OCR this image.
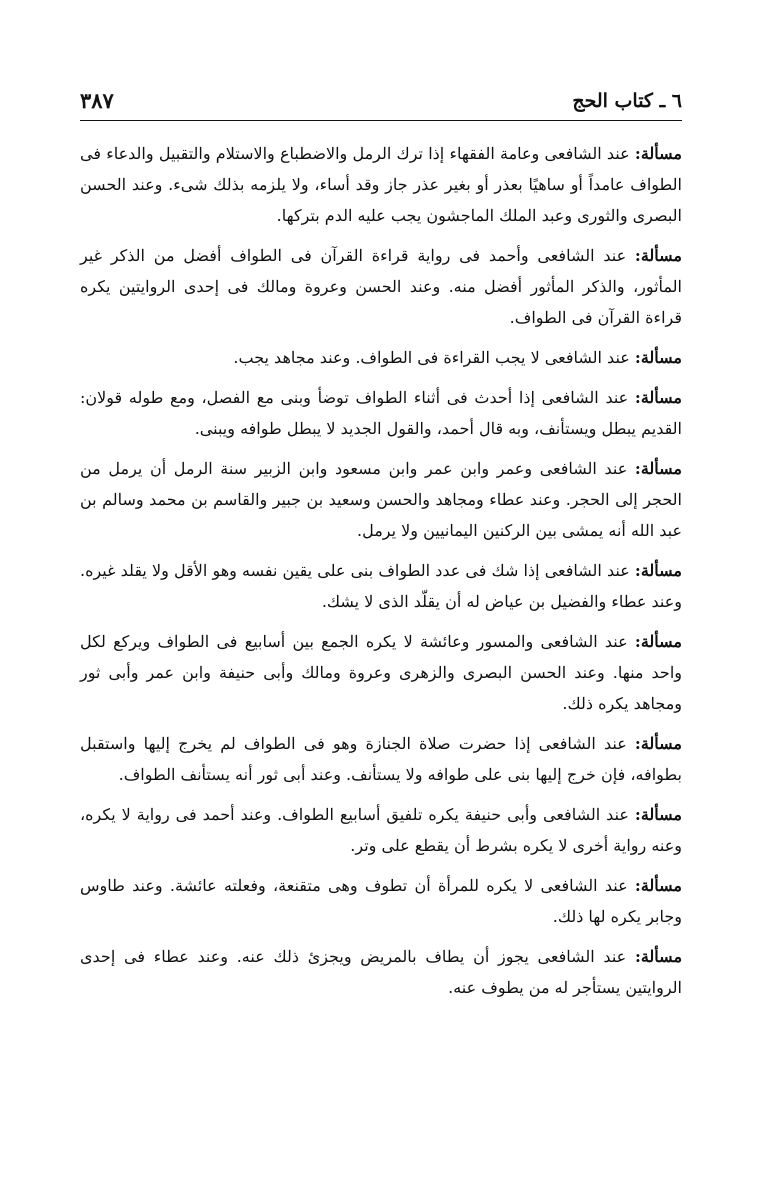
٦ ـ كتاب الحج
٣٨٧

مسألة: عند الشافعى وعامة الفقهاء إذا ترك الرمل والاضطباع والاستلام والتقبيل والدعاء فى الطواف عامداً أو ساهيًا بعذر أو بغير عذر جاز وقد أساء، ولا يلزمه بذلك شىء. وعند الحسن البصرى والثورى وعبد الملك الماجشون يجب عليه الدم بتركها.

مسألة: عند الشافعى وأحمد فى رواية قراءة القرآن فى الطواف أفضل من الذكر غير المأثور، والذكر المأثور أفضل منه. وعند الحسن وعروة ومالك فى إحدى الروايتين يكره قراءة القرآن فى الطواف.

مسألة: عند الشافعى لا يجب القراءة فى الطواف. وعند مجاهد يجب.

مسألة: عند الشافعى إذا أحدث فى أثناء الطواف توضأ وبنى مع الفصل، ومع طوله قولان: القديم يبطل ويستأنف، وبه قال أحمد، والقول الجديد لا يبطل طوافه ويبنى.

مسألة: عند الشافعى وعمر وابن عمر وابن مسعود وابن الزبير سنة الرمل أن يرمل من الحجر إلى الحجر. وعند عطاء ومجاهد والحسن وسعيد بن جبير والقاسم بن محمد وسالم بن عبد الله أنه يمشى بين الركنين اليمانيين ولا يرمل.

مسألة: عند الشافعى إذا شك فى عدد الطواف بنى على يقين نفسه وهو الأقل ولا يقلد غيره. وعند عطاء والفضيل بن عياض له أن يقلّد الذى لا يشك.

مسألة: عند الشافعى والمسور وعائشة لا يكره الجمع بين أسابيع فى الطواف ويركع لكل واحد منها. وعند الحسن البصرى والزهرى وعروة ومالك وأبى حنيفة وابن عمر وأبى ثور ومجاهد يكره ذلك.

مسألة: عند الشافعى إذا حضرت صلاة الجنازة وهو فى الطواف لم يخرج إليها واستقبل بطوافه، فإن خرج إليها بنى على طوافه ولا يستأنف. وعند أبى ثور أنه يستأنف الطواف.

مسألة: عند الشافعى وأبى حنيفة يكره تلفيق أسابيع الطواف. وعند أحمد فى رواية لا يكره، وعنه رواية أخرى لا يكره بشرط أن يقطع على وتر.

مسألة: عند الشافعى لا يكره للمرأة أن تطوف وهى متقنعة، وفعلته عائشة. وعند طاوس وجابر يكره لها ذلك.

مسألة: عند الشافعى يجوز أن يطاف بالمريض ويجزئ ذلك عنه. وعند عطاء فى إحدى الروايتين يستأجر له من يطوف عنه.
